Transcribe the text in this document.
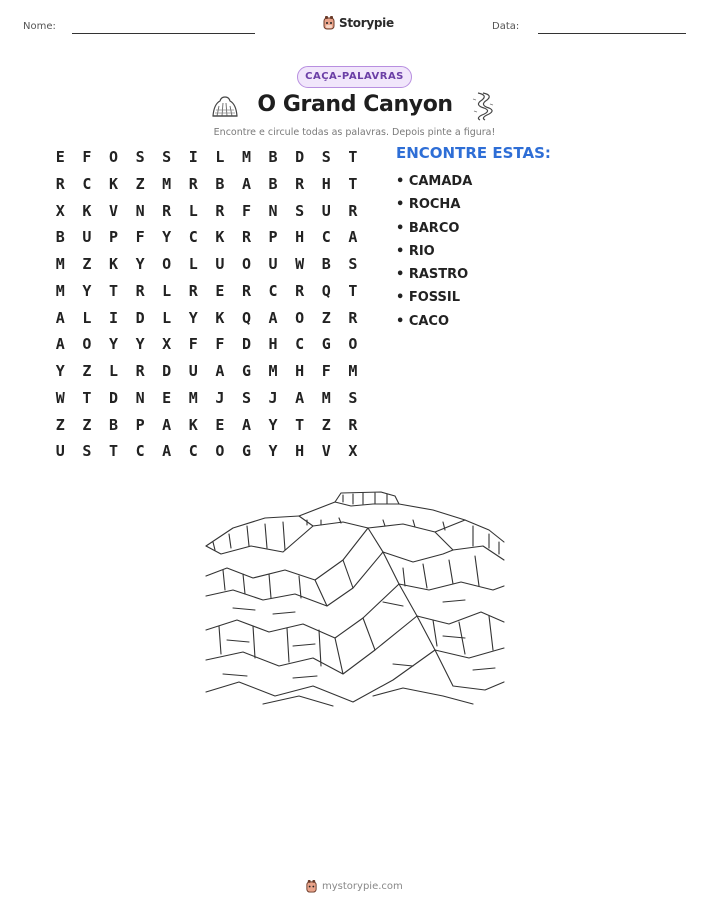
Nome:	Storypie	Data:
CAÇA-PALAVRAS
O Grand Canyon
Encontre e circule todas as palavras. Depois pinte a figura!
E	F	O	S	S	I	L	M	B	D	S	T
R	C	K	Z	M	R	B	A	B	R	H	T
X	K	V	N	R	L	R	F	N	S	U	R
B	U	P	F	Y	C	K	R	P	H	C	A
M	Z	K	Y	O	L	U	O	U	W	B	S
M	Y	T	R	L	R	E	R	C	R	Q	T
A	L	I	D	L	Y	K	Q	A	O	Z	R
A	O	Y	Y	X	F	F	D	H	C	G	O
Y	Z	L	R	D	U	A	G	M	H	F	M
W	T	D	N	E	M	J	S	J	A	M	S
Z	Z	B	P	A	K	E	A	Y	T	Z	R
U	S	T	C	A	C	O	G	Y	H	V	X
ENCONTRE ESTAS:
• CAMADA
• ROCHA
• BARCO
• RIO
• RASTRO
• FOSSIL
• CACO
mystorypie.com
